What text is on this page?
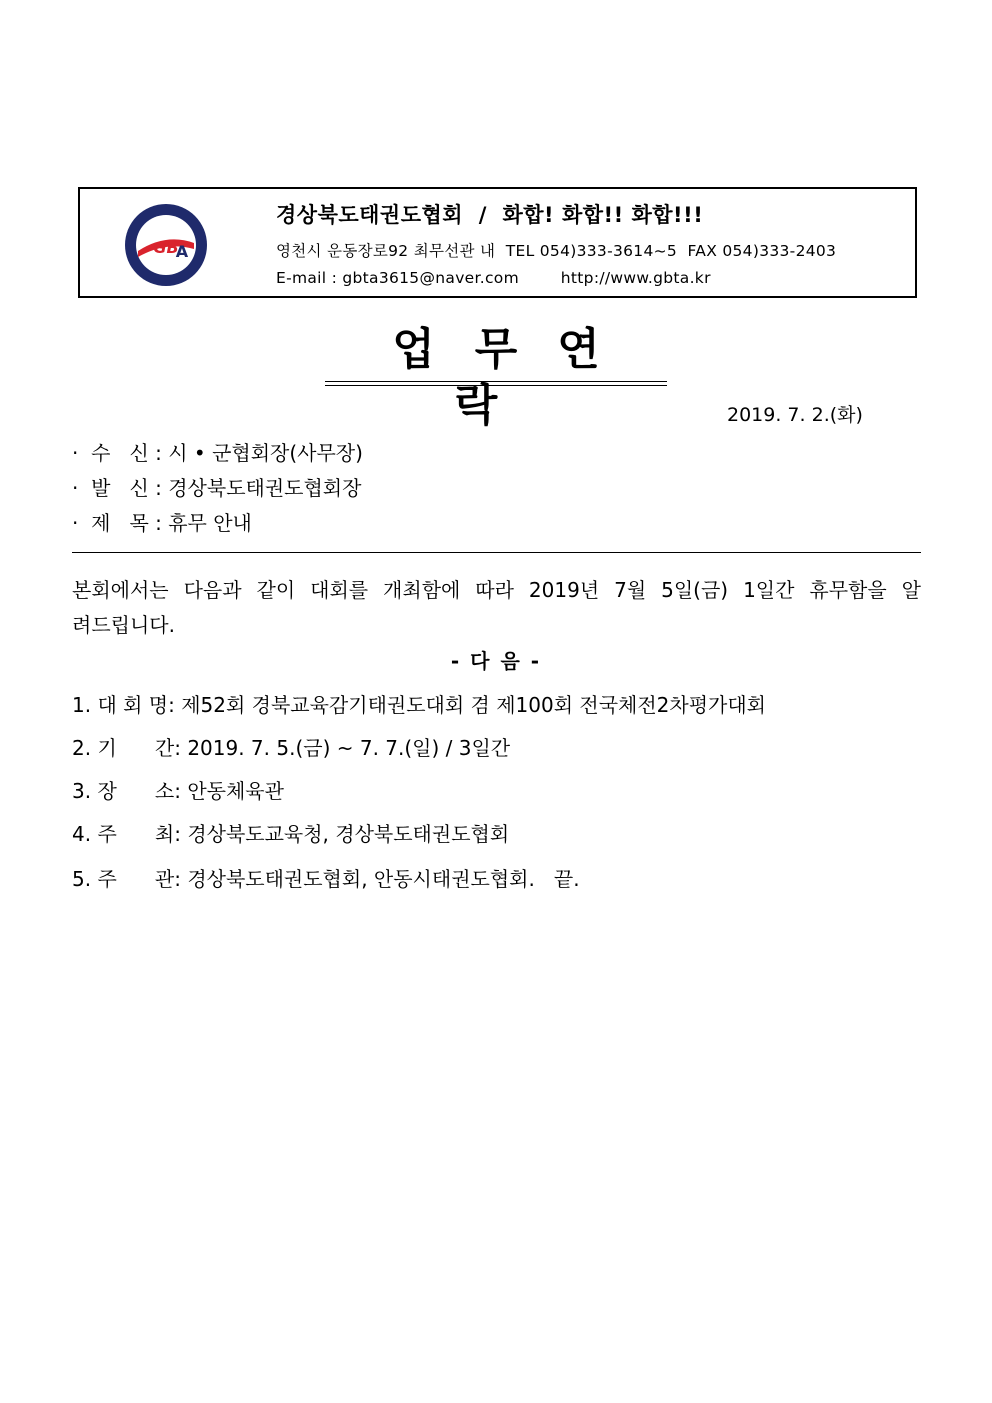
GB
A
경상북도태권도협회  /  화합! 화합!! 화합!!!
영천시 운동장로92 최무선관 내  TEL 054)333-3614~5  FAX 054)333-2403
E-mail : gbta3615@naver.com        http://www.gbta.kr
업무연락	2019. 7. 2.(화)
·  수   신 : 시 • 군협회장(사무장)
·  발   신 : 경상북도태권도협회장
·  제   목 : 휴무 안내
본회에서는 다음과 같이 대회를 개최함에 따라 2019년 7월 5일(금) 1일간 휴무함을 알려드립니다.
- 다 음 -
1. 대 회 명: 제52회 경북교육감기태권도대회 겸 제100회 전국체전2차평가대회
2. 기      간: 2019. 7. 5.(금) ~ 7. 7.(일) / 3일간
3. 장      소: 안동체육관
4. 주      최: 경상북도교육청, 경상북도태권도협회
5. 주      관: 경상북도태권도협회, 안동시태권도협회.   끝.
